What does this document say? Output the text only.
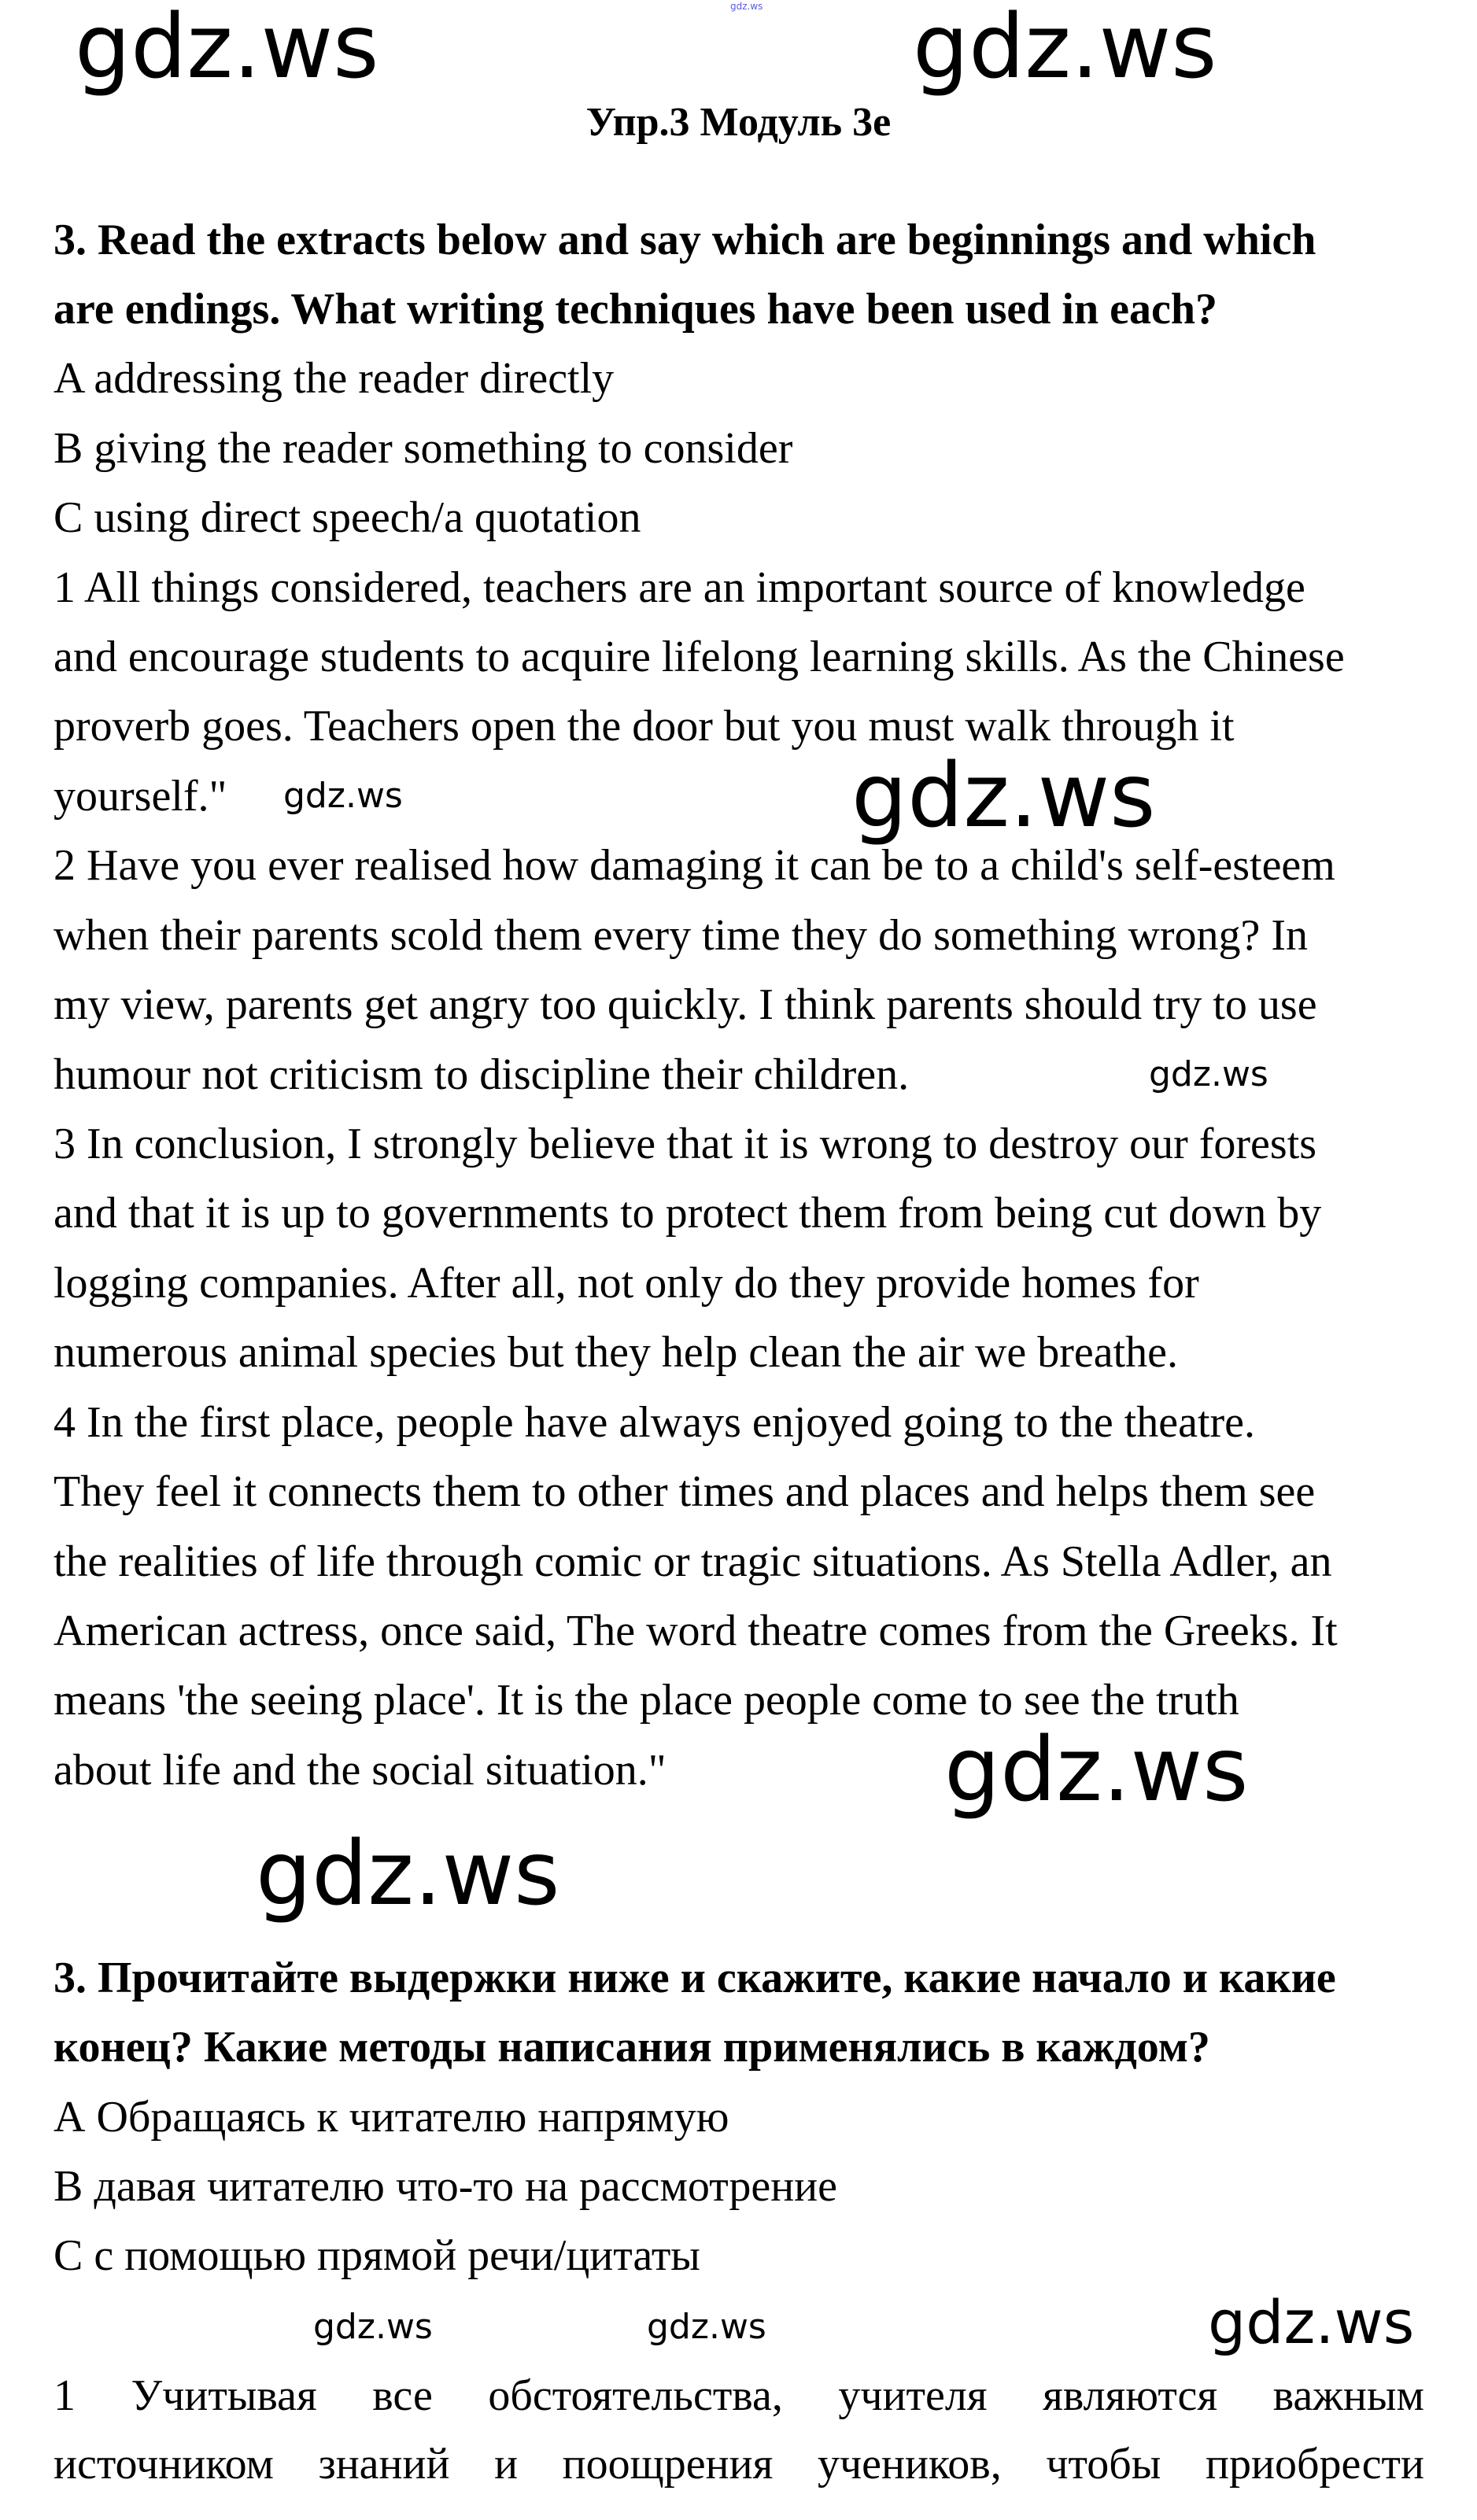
gdz.ws
Упр.3 Модуль 3е
3. Read the extracts below and say which are beginnings and which
are endings. What writing techniques have been used in each?
A addressing the reader directly
B giving the reader something to consider
C using direct speech/a quotation
1 All things considered, teachers are an important source of knowledge
and encourage students to acquire lifelong learning skills. As the Chinese
proverb goes. Teachers open the door but you must walk through it
yourself."
2 Have you ever realised how damaging it can be to a child's self-esteem
when their parents scold them every time they do something wrong? In
my view, parents get angry too quickly. I think parents should try to use
humour not criticism to discipline their children.
3 In conclusion, I strongly believe that it is wrong to destroy our forests
and that it is up to governments to protect them from being cut down by
logging companies. After all, not only do they provide homes for
numerous animal species but they help clean the air we breathe.
4 In the first place, people have always enjoyed going to the theatre.
They feel it connects them to other times and places and helps them see
the realities of life through comic or tragic situations. As Stella Adler, an
American actress, once said, The word theatre comes from the Greeks. It
means 'the seeing place'. It is the place people come to see the truth
about life and the social situation."
3. Прочитайте выдержки ниже и скажите, какие начало и какие
конец? Какие методы написания применялись в каждом?
А Обращаясь к читателю напрямую
В давая читателю что-то на рассмотрение
С с помощью прямой речи/цитаты
1 Учитывая все обстоятельства, учителя являются важным
источником знаний и поощрения учеников, чтобы приобрести
gdz.ws	gdz.ws
gdz.ws
gdz.ws
gdz.ws
gdz.ws
gdz.ws
gdz.ws
gdz.ws	gdz.ws
